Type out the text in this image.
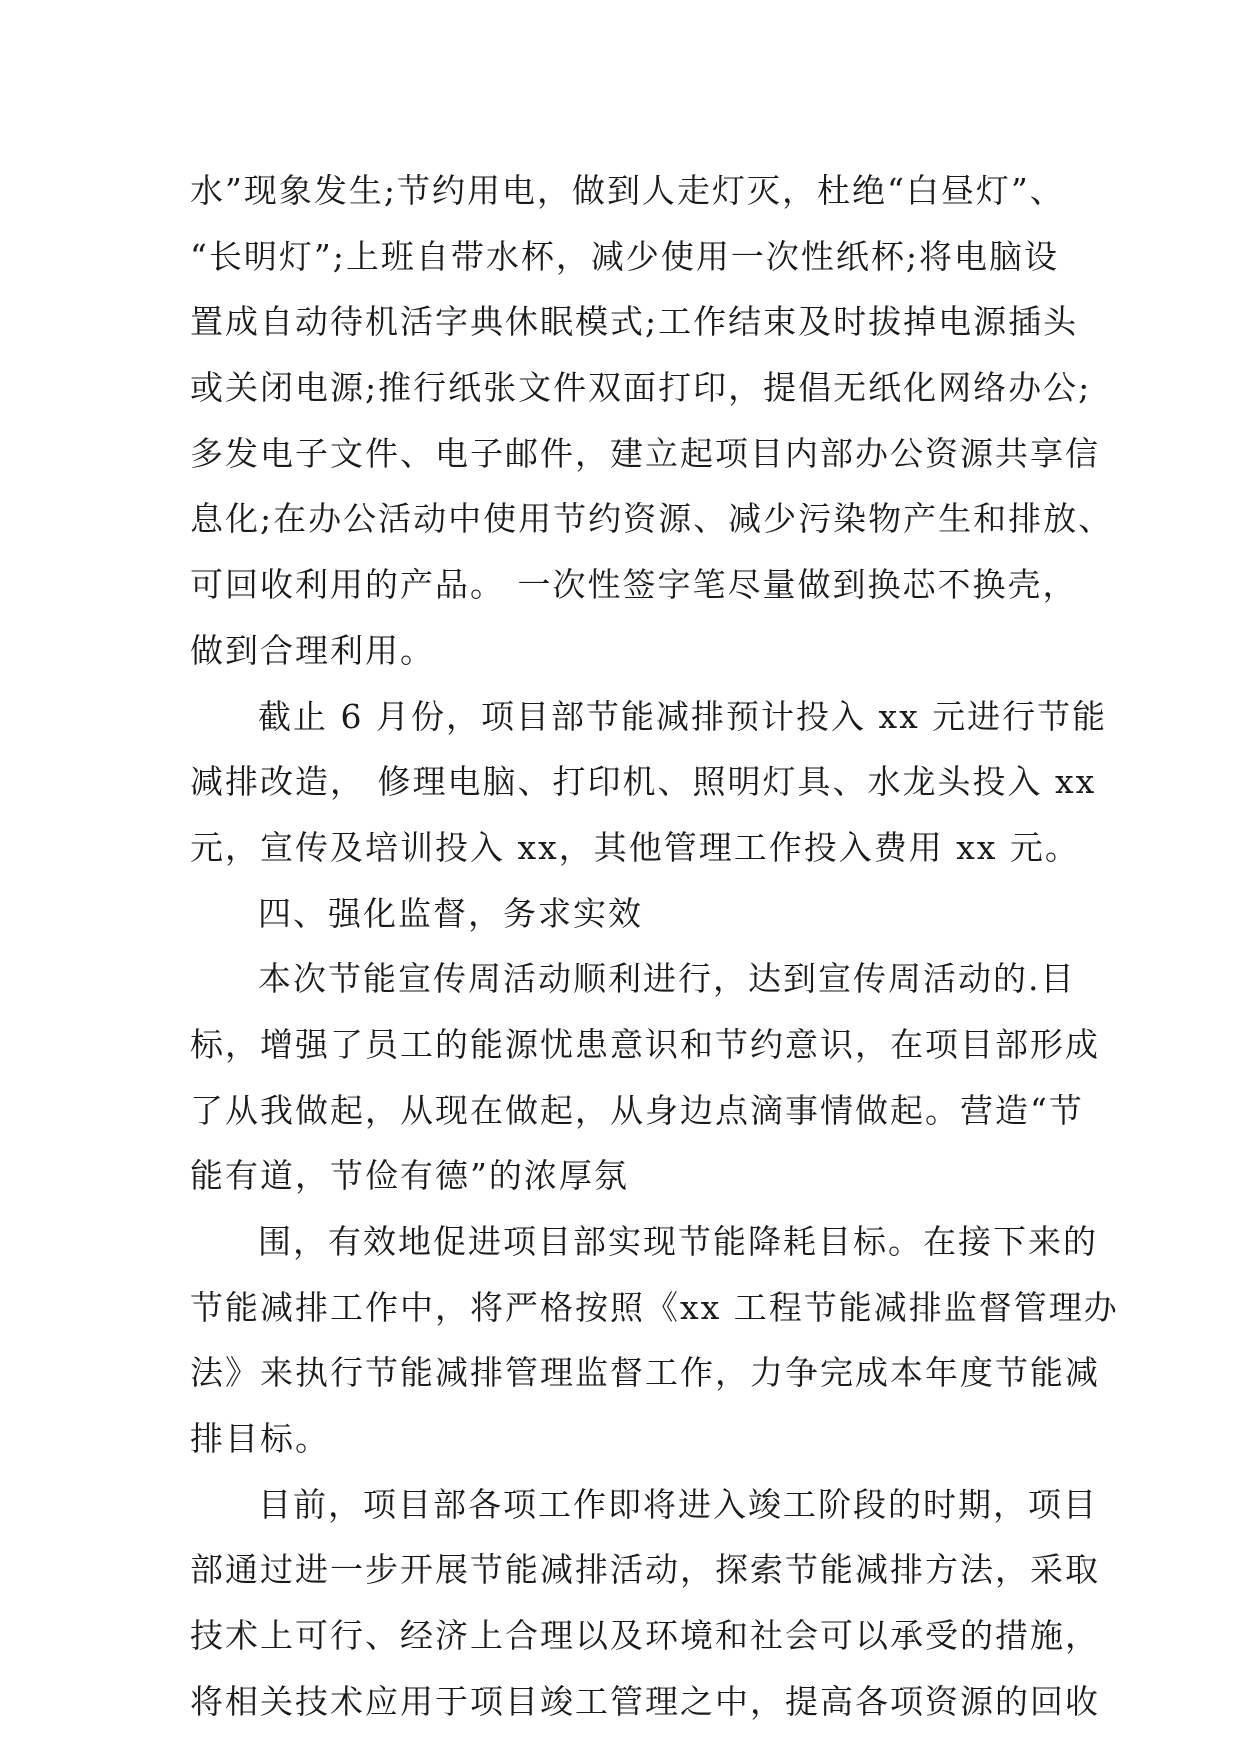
水”现象发生;节约用电，做到人走灯灭，杜绝“白昼灯”、
“长明灯”;上班自带水杯，减少使用一次性纸杯;将电脑设
置成自动待机活字典休眠模式;工作结束及时拔掉电源插头
或关闭电源;推行纸张文件双面打印，提倡无纸化网络办公;
多发电子文件、电子邮件，建立起项目内部办公资源共享信
息化;在办公活动中使用节约资源、减少污染物产生和排放、
可回收利用的产品。 一次性签字笔尽量做到换芯不换壳，
做到合理利用。
截止 6 月份，项目部节能减排预计投入 xx 元进行节能
减排改造， 修理电脑、打印机、照明灯具、水龙头投入 xx
元，宣传及培训投入 xx，其他管理工作投入费用 xx 元。
四、强化监督，务求实效
本次节能宣传周活动顺利进行，达到宣传周活动的.目
标，增强了员工的能源忧患意识和节约意识，在项目部形成
了从我做起，从现在做起，从身边点滴事情做起。营造“节
能有道，节俭有德”的浓厚氛
围，有效地促进项目部实现节能降耗目标。在接下来的
节能减排工作中，将严格按照《xx 工程节能减排监督管理办
法》来执行节能减排管理监督工作，力争完成本年度节能减
排目标。
目前，项目部各项工作即将进入竣工阶段的时期，项目
部通过进一步开展节能减排活动，探索节能减排方法，采取
技术上可行、经济上合理以及环境和社会可以承受的措施，
将相关技术应用于项目竣工管理之中，提高各项资源的回收
